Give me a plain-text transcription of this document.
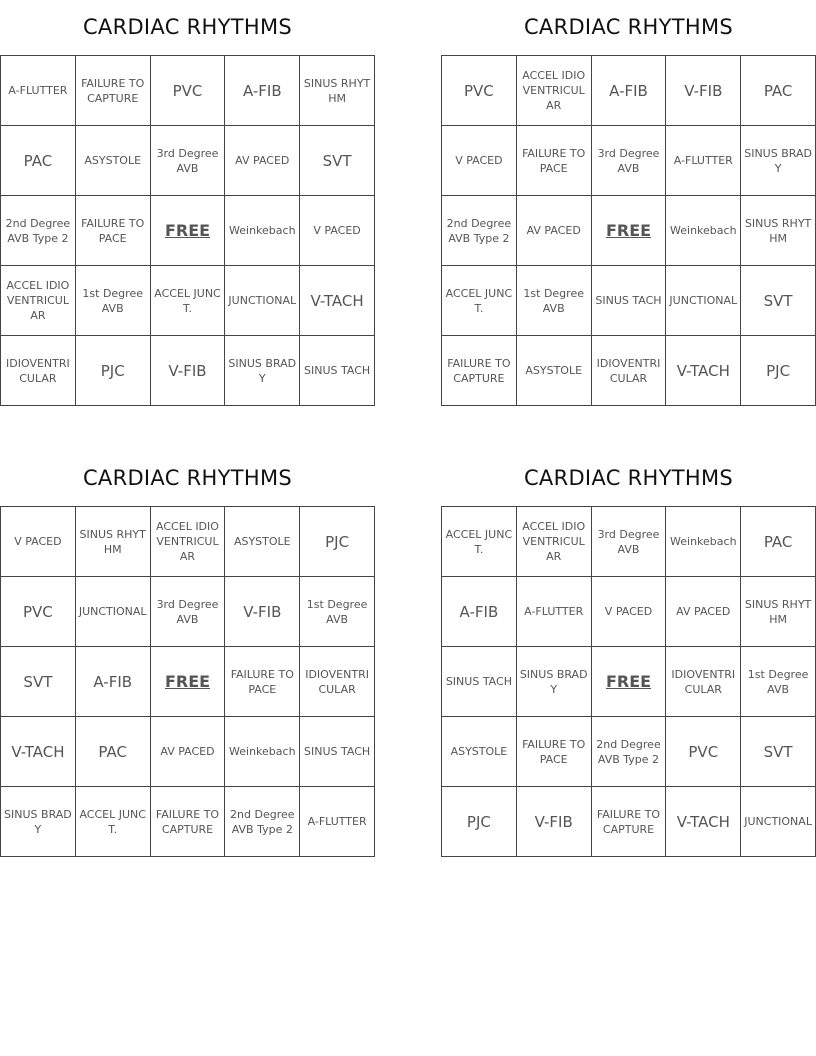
CARDIAC RHYTHMS
A-FLUTTER	FAILURE TO CAPTURE	PVC	A-FIB	SINUS RHYTHM
PAC	ASYSTOLE	3rd Degree AVB	AV PACED	SVT
2nd Degree AVB Type 2	FAILURE TO PACE	FREE	Weinkebach	V PACED
ACCEL IDIOVENTRICULAR	1st Degree AVB	ACCEL JUNCT.	JUNCTIONAL	V-TACH
IDIOVENTRICULAR	PJC	V-FIB	SINUS BRADY	SINUS TACH
CARDIAC RHYTHMS
PVC	ACCEL IDIOVENTRICULAR	A-FIB	V-FIB	PAC
V PACED	FAILURE TO PACE	3rd Degree AVB	A-FLUTTER	SINUS BRADY
2nd Degree AVB Type 2	AV PACED	FREE	Weinkebach	SINUS RHYTHM
ACCEL JUNCT.	1st Degree AVB	SINUS TACH	JUNCTIONAL	SVT
FAILURE TO CAPTURE	ASYSTOLE	IDIOVENTRICULAR	V-TACH	PJC
CARDIAC RHYTHMS
V PACED	SINUS RHYTHM	ACCEL IDIOVENTRICULAR	ASYSTOLE	PJC
PVC	JUNCTIONAL	3rd Degree AVB	V-FIB	1st Degree AVB
SVT	A-FIB	FREE	FAILURE TO PACE	IDIOVENTRICULAR
V-TACH	PAC	AV PACED	Weinkebach	SINUS TACH
SINUS BRADY	ACCEL JUNCT.	FAILURE TO CAPTURE	2nd Degree AVB Type 2	A-FLUTTER
CARDIAC RHYTHMS
ACCEL JUNCT.	ACCEL IDIOVENTRICULAR	3rd Degree AVB	Weinkebach	PAC
A-FIB	A-FLUTTER	V PACED	AV PACED	SINUS RHYTHM
SINUS TACH	SINUS BRADY	FREE	IDIOVENTRICULAR	1st Degree AVB
ASYSTOLE	FAILURE TO PACE	2nd Degree AVB Type 2	PVC	SVT
PJC	V-FIB	FAILURE TO CAPTURE	V-TACH	JUNCTIONAL
